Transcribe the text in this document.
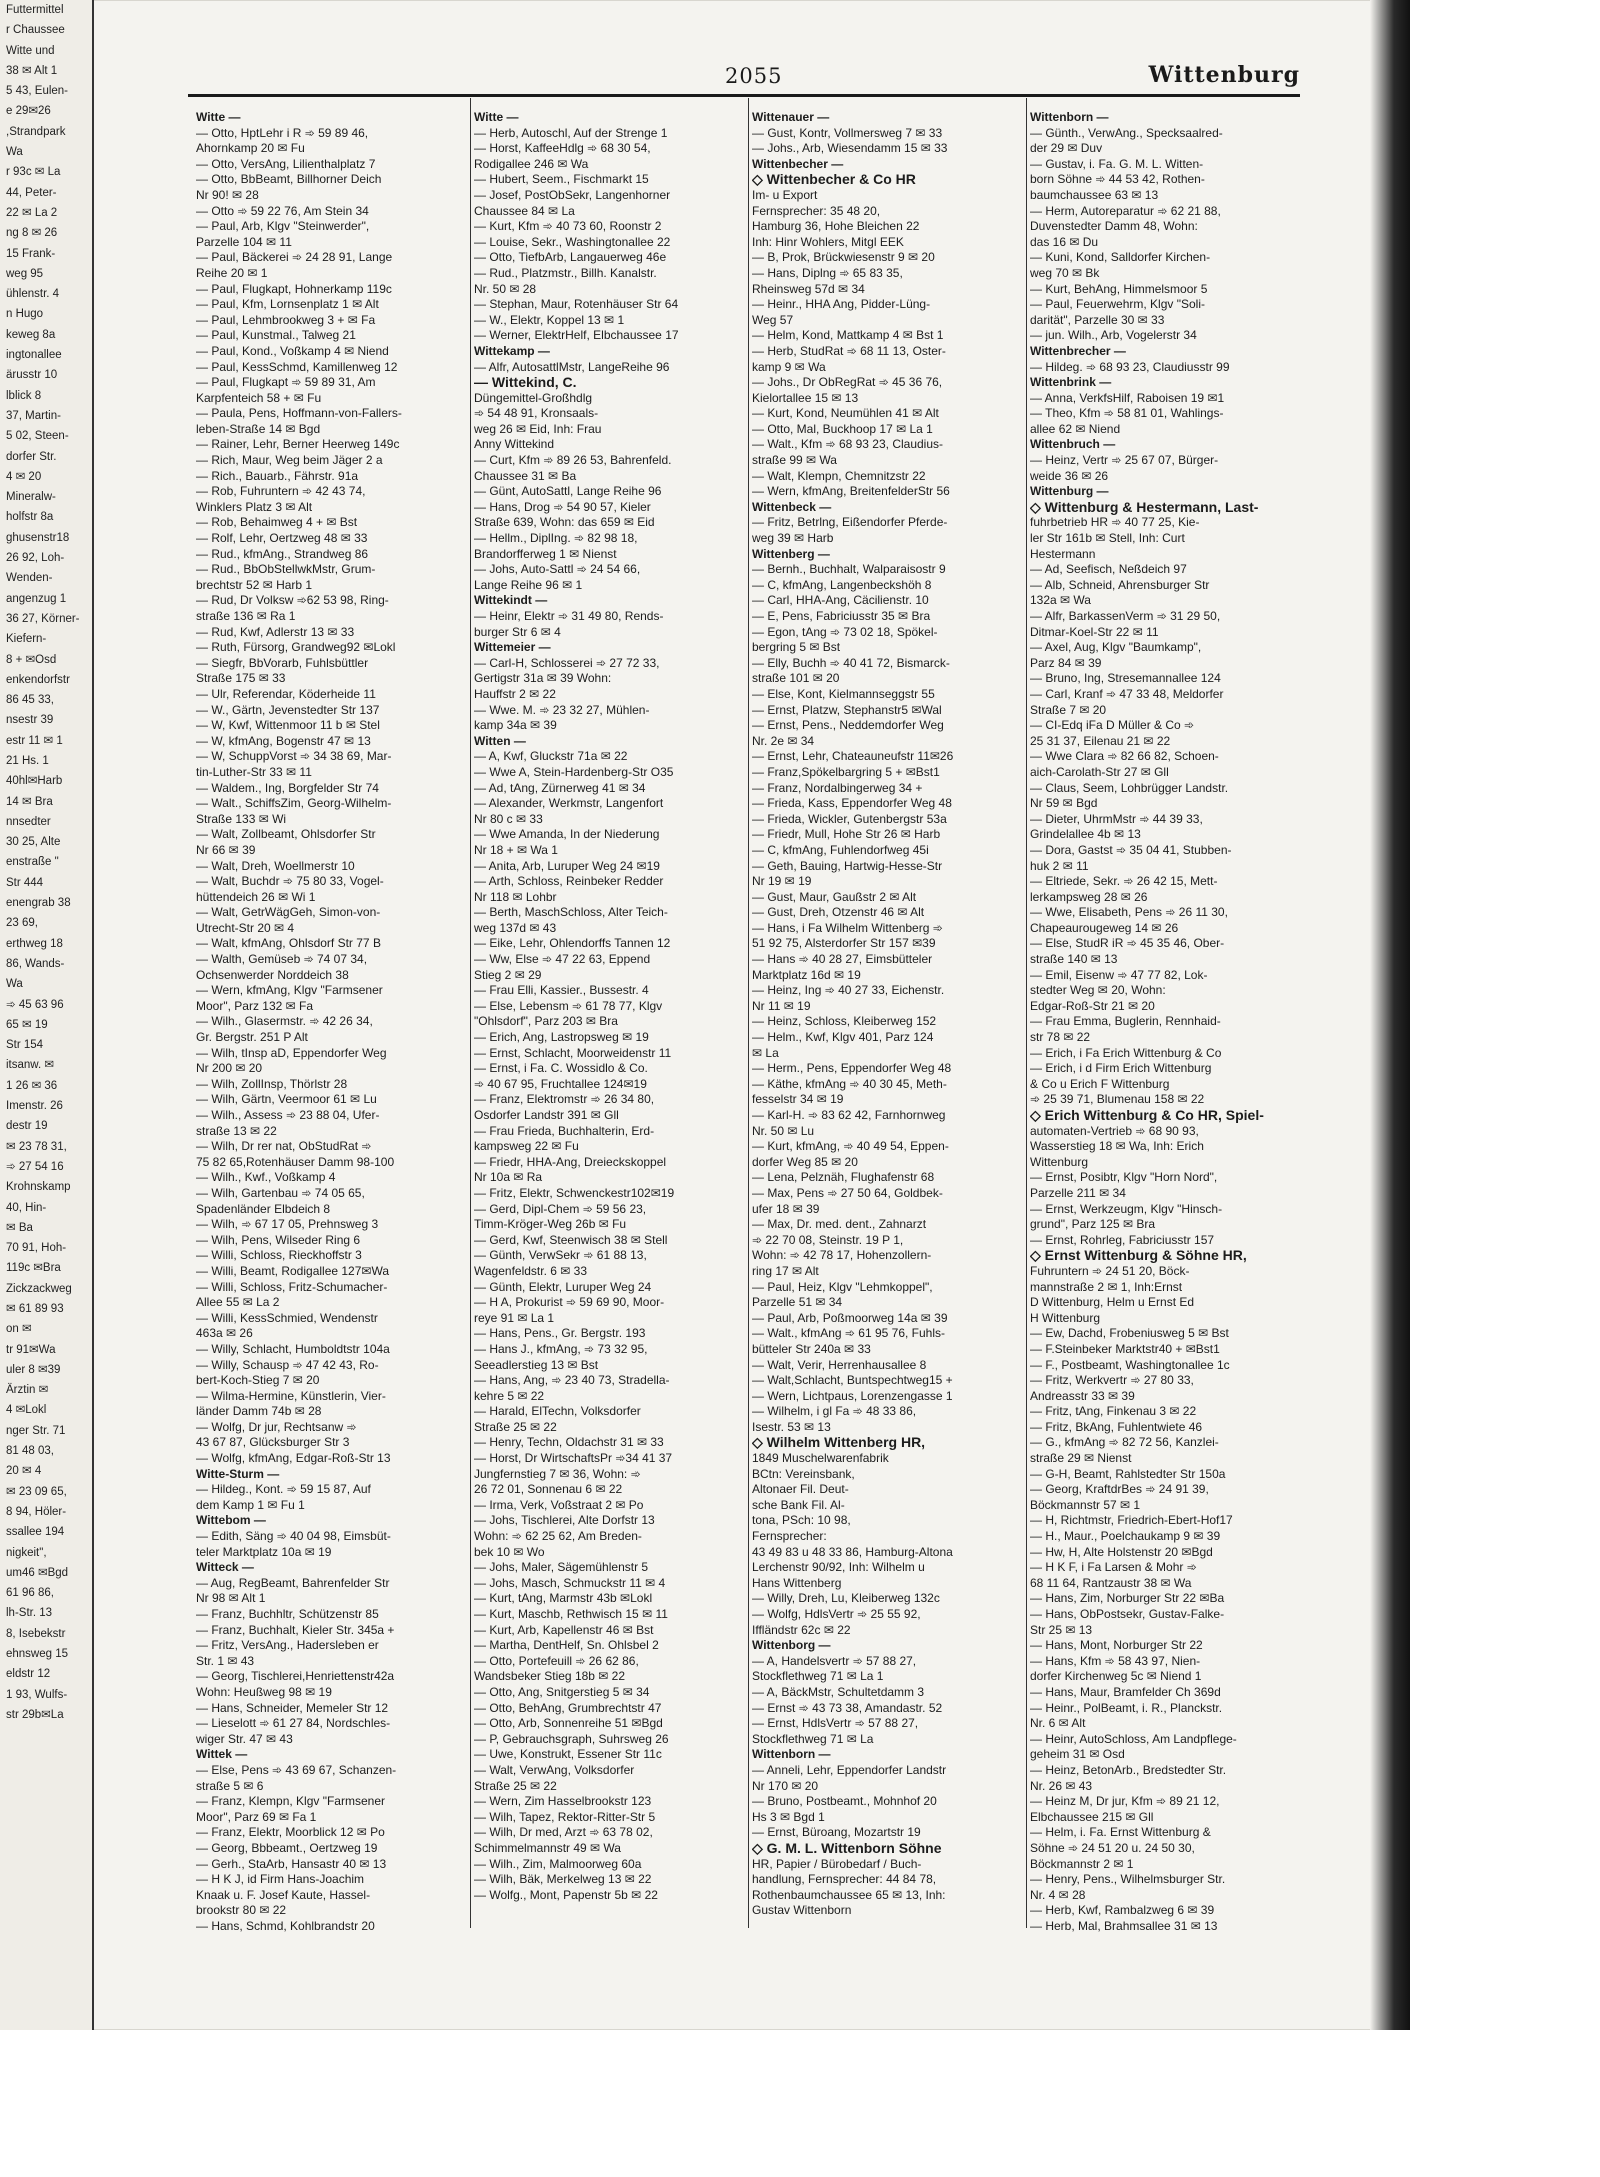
Futtermittel
r Chaussee
Witte und
38 ✉ Alt 1
5 43, Eulen-
e 29✉26
,Strandpark
Wa
r 93c ✉ La
44, Peter-
22 ✉ La 2
ng 8 ✉ 26
15 Frank-
weg 95
ühlenstr. 4
n Hugo
keweg 8a
ingtonallee
ärusstr 10
lblick 8
37, Martin-
5 02, Steen-
dorfer Str.
4 ✉ 20
Mineralw-
holfstr 8a
ghusenstr18
26 92, Loh-
Wenden-
angenzug 1
36 27, Körner-
Kiefern-
8 + ✉Osd
enkendorfstr
86 45 33,
nsestr 39
estr 11 ✉ 1
21 Hs. 1
40hl✉Harb
14 ✉ Bra
nnsedter
30 25, Alte
enstraße "
Str 444
enengrab 38
23 69,
erthweg 18
86, Wands-
Wa
➾ 45 63 96
65 ✉ 19
Str 154
itsanw. ✉
1 26 ✉ 36
Imenstr. 26
destr 19
✉ 23 78 31,
➾ 27 54 16
Krohnskamp
40, Hin-
✉ Ba
70 91, Hoh-
119c ✉Bra
Zickzackweg
✉ 61 89 93
on ✉
tr 91✉Wa
uler 8 ✉39
Ärztin ✉
4 ✉Lokl
nger Str. 71
81 48 03,
20 ✉ 4
✉ 23 09 65,
8 94, Höler-
ssallee 194
nigkeit",
um46 ✉Bgd
61 96 86,
lh-Str. 13
8, Isebekstr
ehnsweg 15
eldstr 12
1 93, Wulfs-
str 29b✉La
2055	Wittenburg
Witte —
— Otto, HptLehr i R ➾ 59 89 46,
Ahornkamp 20 ✉ Fu
— Otto, VersAng, Lilienthalplatz 7
— Otto, BbBeamt, Billhorner Deich
Nr 90! ✉ 28
— Otto ➾ 59 22 76, Am Stein 34
— Paul, Arb, Klgv "Steinwerder",
Parzelle 104 ✉ 11
— Paul, Bäckerei ➾ 24 28 91, Lange
Reihe 20 ✉ 1
— Paul, Flugkapt, Hohnerkamp 119c
— Paul, Kfm, Lornsenplatz 1 ✉ Alt
— Paul, Lehmbrookweg 3 + ✉ Fa
— Paul, Kunstmal., Talweg 21
— Paul, Kond., Voßkamp 4 ✉ Niend
— Paul, KessSchmd, Kamillenweg 12
— Paul, Flugkapt ➾ 59 89 31, Am
Karpfenteich 58 + ✉ Fu
— Paula, Pens, Hoffmann-von-Fallers-
leben-Straße 14 ✉ Bgd
— Rainer, Lehr, Berner Heerweg 149c
— Rich, Maur, Weg beim Jäger 2 a
— Rich., Bauarb., Fährstr. 91a
— Rob, Fuhruntern ➾ 42 43 74,
Winklers Platz 3 ✉ Alt
— Rob, Behaimweg 4 + ✉ Bst
— Rolf, Lehr, Oertzweg 48 ✉ 33
— Rud., kfmAng., Strandweg 86
— Rud., BbObStellwkMstr, Grum-
brechtstr 52 ✉ Harb 1
— Rud, Dr Volksw ➾62 53 98, Ring-
straße 136 ✉ Ra 1
— Rud, Kwf, Adlerstr 13 ✉ 33
— Ruth, Fürsorg, Grandweg92 ✉Lokl
— Siegfr, BbVorarb, Fuhlsbüttler
Straße 175 ✉ 33
— Ulr, Referendar, Köderheide 11
— W., Gärtn, Jevenstedter Str 137
— W, Kwf, Wittenmoor 11 b ✉ Stel
— W, kfmAng, Bogenstr 47 ✉ 13
— W, SchuppVorst ➾ 34 38 69, Mar-
tin-Luther-Str 33 ✉ 11
— Waldem., Ing, Borgfelder Str 74
— Walt., SchiffsZim, Georg-Wilhelm-
Straße 133 ✉ Wi
— Walt, Zollbeamt, Ohlsdorfer Str
Nr 66 ✉ 39
— Walt, Dreh, Woellmerstr 10
— Walt, Buchdr ➾ 75 80 33, Vogel-
hüttendeich 26 ✉ Wi 1
— Walt, GetrWägGeh, Simon-von-
Utrecht-Str 20 ✉ 4
— Walt, kfmAng, Ohlsdorf Str 77 B
— Walth, Gemüseb ➾ 74 07 34,
Ochsenwerder Norddeich 38
— Wern, kfmAng, Klgv "Farmsener
Moor", Parz 132 ✉ Fa
— Wilh., Glasermstr. ➾ 42 26 34,
Gr. Bergstr. 251 P Alt
— Wilh, tInsp aD, Eppendorfer Weg
Nr 200 ✉ 20
— Wilh, ZollInsp, Thörlstr 28
— Wilh, Gärtn, Veermoor 61 ✉ Lu
— Wilh., Assess ➾ 23 88 04, Ufer-
straße 13 ✉ 22
— Wilh, Dr rer nat, ObStudRat ➾
75 82 65,Rotenhäuser Damm 98-100
— Wilh., Kwf., Voßkamp 4
— Wilh, Gartenbau ➾ 74 05 65,
Spadenländer Elbdeich 8
— Wilh, ➾ 67 17 05, Prehnsweg 3
— Wilh, Pens, Wilseder Ring 6
— Willi, Schloss, Rieckhoffstr 3
— Willi, Beamt, Rodigallee 127✉Wa
— Willi, Schloss, Fritz-Schumacher-
Allee 55 ✉ La 2
— Willi, KessSchmied, Wendenstr
463a ✉ 26
— Willy, Schlacht, Humboldtstr 104a
— Willy, Schausp ➾ 47 42 43, Ro-
bert-Koch-Stieg 7 ✉ 20
— Wilma-Hermine, Künstlerin, Vier-
länder Damm 74b ✉ 28
— Wolfg, Dr jur, Rechtsanw ➾
43 67 87, Glücksburger Str 3
— Wolfg, kfmAng, Edgar-Roß-Str 13
Witte-Sturm —
— Hildeg., Kont. ➾ 59 15 87, Auf
dem Kamp 1 ✉ Fu 1
Wittebom —
— Edith, Säng ➾ 40 04 98, Eimsbüt-
teler Marktplatz 10a ✉ 19
Witteck —
— Aug, RegBeamt, Bahrenfelder Str
Nr 98 ✉ Alt 1
— Franz, Buchhltr, Schützenstr 85
— Franz, Buchhalt, Kieler Str. 345a +
— Fritz, VersAng., Hadersleben er
Str. 1 ✉ 43
— Georg, Tischlerei,Henriettenstr42a
Wohn: Heußweg 98 ✉ 19
— Hans, Schneider, Memeler Str 12
— Lieselott ➾ 61 27 84, Nordschles-
wiger Str. 47 ✉ 43
Wittek —
— Else, Pens ➾ 43 69 67, Schanzen-
straße 5 ✉ 6
— Franz, Klempn, Klgv "Farmsener
Moor", Parz 69 ✉ Fa 1
— Franz, Elektr, Moorblick 12 ✉ Po
— Georg, Bbbeamt., Oertzweg 19
— Gerh., StaArb, Hansastr 40 ✉ 13
— H K J, id Firm Hans-Joachim
Knaak u. F. Josef Kaute, Hassel-
brookstr 80 ✉ 22
— Hans, Schmd, Kohlbrandstr 20
Witte —
— Herb, Autoschl, Auf der Strenge 1
— Horst, KaffeeHdlg ➾ 68 30 54,
Rodigallee 246 ✉ Wa
— Hubert, Seem., Fischmarkt 15
— Josef, PostObSekr, Langenhorner
Chaussee 84 ✉ La
— Kurt, Kfm ➾ 40 73 60, Roonstr 2
— Louise, Sekr., Washingtonallee 22
— Otto, TiefbArb, Langauerweg 46e
— Rud., Platzmstr., Billh. Kanalstr.
Nr. 50 ✉ 28
— Stephan, Maur, Rotenhäuser Str 64
— W., Elektr, Koppel 13 ✉ 1
— Werner, ElektrHelf, Elbchaussee 17
Wittekamp —
— Alfr, AutosattlMstr, LangeReihe 96
— Wittekind, C.
Düngemittel-Großhdlg
➾ 54 48 91, Kronsaals-
weg 26 ✉ Eid, Inh: Frau
Anny Wittekind
— Curt, Kfm ➾ 89 26 53, Bahrenfeld.
Chaussee 31 ✉ Ba
— Günt, AutoSattl, Lange Reihe 96
— Hans, Drog ➾ 54 90 57, Kieler
Straße 639, Wohn: das 659 ✉ Eid
— Hellm., DiplIng. ➾ 82 98 18,
Brandorfferweg 1 ✉ Nienst
— Johs, Auto-Sattl ➾ 24 54 66,
Lange Reihe 96 ✉ 1
Wittekindt —
— Heinr, Elektr ➾ 31 49 80, Rends-
burger Str 6 ✉ 4
Wittemeier —
— Carl-H, Schlosserei ➾ 27 72 33,
Gertigstr 31a ✉ 39 Wohn:
Hauffstr 2 ✉ 22
— Wwe. M. ➾ 23 32 27, Mühlen-
kamp 34a ✉ 39
Witten —
— A, Kwf, Gluckstr 71a ✉ 22
— Wwe A, Stein-Hardenberg-Str O35
— Ad, tAng, Zürnerweg 41 ✉ 34
— Alexander, Werkmstr, Langenfort
Nr 80 c ✉ 33
— Wwe Amanda, In der Niederung
Nr 18 + ✉ Wa 1
— Anita, Arb, Luruper Weg 24 ✉19
— Arth, Schloss, Reinbeker Redder
Nr 118 ✉ Lohbr
— Berth, MaschSchloss, Alter Teich-
weg 137d ✉ 43
— Eike, Lehr, Ohlendorffs Tannen 12
— Ww, Else ➾ 47 22 63, Eppend
Stieg 2 ✉ 29
— Frau Elli, Kassier., Bussestr. 4
— Else, Lebensm ➾ 61 78 77, Klgv
"Ohlsdorf", Parz 203 ✉ Bra
— Erich, Ang, Lastropsweg ✉ 19
— Ernst, Schlacht, Moorweidenstr 11
— Ernst, i Fa. C. Wossidlo & Co.
➾ 40 67 95, Fruchtallee 124✉19
— Franz, Elektromstr ➾ 26 34 80,
Osdorfer Landstr 391 ✉ Gll
— Frau Frieda, Buchhalterin, Erd-
kampsweg 22 ✉ Fu
— Friedr, HHA-Ang, Dreieckskoppel
Nr 10a ✉ Ra
— Fritz, Elektr, Schwenckestr102✉19
— Gerd, Dipl-Chem ➾ 59 56 23,
Timm-Kröger-Weg 26b ✉ Fu
— Gerd, Kwf, Steenwisch 38 ✉ Stell
— Günth, VerwSekr ➾ 61 88 13,
Wagenfeldstr. 6 ✉ 33
— Günth, Elektr, Luruper Weg 24
— H A, Prokurist ➾ 59 69 90, Moor-
reye 91 ✉ La 1
— Hans, Pens., Gr. Bergstr. 193
— Hans J., kfmAng, ➾ 73 32 95,
Seeadlerstieg 13 ✉ Bst
— Hans, Ang, ➾ 23 40 73, Stradella-
kehre 5 ✉ 22
— Harald, ElTechn, Volksdorfer
Straße 25 ✉ 22
— Henry, Techn, Oldachstr 31 ✉ 33
— Horst, Dr WirtschaftsPr ➾34 41 37
Jungfernstieg 7 ✉ 36, Wohn: ➾
26 72 01, Sonnenau 6 ✉ 22
— Irma, Verk, Voßstraat 2 ✉ Po
— Johs, Tischlerei, Alte Dorfstr 13
Wohn: ➾ 62 25 62, Am Breden-
bek 10 ✉ Wo
— Johs, Maler, Sägemühlenstr 5
— Johs, Masch, Schmuckstr 11 ✉ 4
— Kurt, tAng, Marmstr 43b ✉Lokl
— Kurt, Maschb, Rethwisch 15 ✉ 11
— Kurt, Arb, Kapellenstr 46 ✉ Bst
— Martha, DentHelf, Sn. Ohlsbel 2
— Otto, Portefeuill ➾ 26 62 86,
Wandsbeker Stieg 18b ✉ 22
— Otto, Ang, Snitgerstieg 5 ✉ 34
— Otto, BehAng, Grumbrechtstr 47
— Otto, Arb, Sonnenreihe 51 ✉Bgd
— P, Gebrauchsgraph, Suhrsweg 26
— Uwe, Konstrukt, Essener Str 11c
— Walt, VerwAng, Volksdorfer
Straße 25 ✉ 22
— Wern, Zim Hasselbrookstr 123
— Wilh, Tapez, Rektor-Ritter-Str 5
— Wilh, Dr med, Arzt ➾ 63 78 02,
Schimmelmannstr 49 ✉ Wa
— Wilh., Zim, Malmoorweg 60a
— Wilh, Bäk, Merkelweg 13 ✉ 22
— Wolfg., Mont, Papenstr 5b ✉ 22
Wittenauer —
— Gust, Kontr, Vollmersweg 7 ✉ 33
— Johs., Arb, Wiesendamm 15 ✉ 33
Wittenbecher —
◇ Wittenbecher & Co HR
Im- u Export
Fernsprecher: 35 48 20,
Hamburg 36, Hohe Bleichen 22
Inh: Hinr Wohlers, Mitgl EEK
— B, Prok, Brückwiesenstr 9 ✉ 20
— Hans, Diplng ➾ 65 83 35,
Rheinsweg 57d ✉ 34
— Heinr., HHA Ang, Pidder-Lüng-
Weg 57
— Helm, Kond, Mattkamp 4 ✉ Bst 1
— Herb, StudRat ➾ 68 11 13, Oster-
kamp 9 ✉ Wa
— Johs., Dr ObRegRat ➾ 45 36 76,
Kielortallee 15 ✉ 13
— Kurt, Kond, Neumühlen 41 ✉ Alt
— Otto, Mal, Buckhoop 17 ✉ La 1
— Walt., Kfm ➾ 68 93 23, Claudius-
straße 99 ✉ Wa
— Walt, Klempn, Chemnitzstr 22
— Wern, kfmAng, BreitenfelderStr 56
Wittenbeck —
— Fritz, Betrlng, Eißendorfer Pferde-
weg 39 ✉ Harb
Wittenberg —
— Bernh., Buchhalt, Walparaisostr 9
— C, kfmAng, Langenbeckshöh 8
— Carl, HHA-Ang, Cäcilienstr. 10
— E, Pens, Fabriciusstr 35 ✉ Bra
— Egon, tAng ➾ 73 02 18, Spökel-
bergring 5 ✉ Bst
— Elly, Buchh ➾ 40 41 72, Bismarck-
straße 101 ✉ 20
— Else, Kont, Kielmannseggstr 55
— Ernst, Platzw, Stephanstr5 ✉Wal
— Ernst, Pens., Neddemdorfer Weg
Nr. 2e ✉ 34
— Ernst, Lehr, Chateauneufstr 11✉26
— Franz,Spökelbargring 5 + ✉Bst1
— Franz, Nordalbingerweg 34 +
— Frieda, Kass, Eppendorfer Weg 48
— Frieda, Wickler, Gutenbergstr 53a
— Friedr, Mull, Hohe Str 26 ✉ Harb
— C, kfmAng, Fuhlendorfweg 45i
— Geth, Bauing, Hartwig-Hesse-Str
Nr 19 ✉ 19
— Gust, Maur, Gaußstr 2 ✉ Alt
— Gust, Dreh, Otzenstr 46 ✉ Alt
— Hans, i Fa Wilhelm Wittenberg ➾
51 92 75, Alsterdorfer Str 157 ✉39
— Hans ➾ 40 28 27, Eimsbütteler
Marktplatz 16d ✉ 19
— Heinz, Ing ➾ 40 27 33, Eichenstr.
Nr 11 ✉ 19
— Heinz, Schloss, Kleiberweg 152
— Helm., Kwf, Klgv 401, Parz 124
✉ La
— Herm., Pens, Eppendorfer Weg 48
— Käthe, kfmAng ➾ 40 30 45, Meth-
fesselstr 34 ✉ 19
— Karl-H. ➾ 83 62 42, Farnhornweg
Nr. 50 ✉ Lu
— Kurt, kfmAng, ➾ 40 49 54, Eppen-
dorfer Weg 85 ✉ 20
— Lena, Pelznäh, Flughafenstr 68
— Max, Pens ➾ 27 50 64, Goldbek-
ufer 18 ✉ 39
— Max, Dr. med. dent., Zahnarzt
➾ 22 70 08, Steinstr. 19 P 1,
Wohn: ➾ 42 78 17, Hohenzollern-
ring 17 ✉ Alt
— Paul, Heiz, Klgv "Lehmkoppel",
Parzelle 51 ✉ 34
— Paul, Arb, Poßmoorweg 14a ✉ 39
— Walt., kfmAng ➾ 61 95 76, Fuhls-
bütteler Str 240a ✉ 33
— Walt, Verir, Herrenhausallee 8
— Walt,Schlacht, Buntspechtweg15 +
— Wern, Lichtpaus, Lorenzengasse 1
— Wilhelm, i gl Fa ➾ 48 33 86,
Isestr. 53 ✉ 13
◇ Wilhelm Wittenberg HR,
1849 Muschelwarenfabrik
BCtn: Vereinsbank,
Altonaer Fil. Deut-
sche Bank Fil. Al-
tona, PSch: 10 98,
Fernsprecher:
43 49 83 u 48 33 86, Hamburg-Altona
Lerchenstr 90/92, Inh: Wilhelm u
Hans Wittenberg
— Willy, Dreh, Lu, Kleiberweg 132c
— Wolfg, HdlsVertr ➾ 25 55 92,
Iffländstr 62c ✉ 22
Wittenborg —
— A, Handelsvertr ➾ 57 88 27,
Stockflethweg 71 ✉ La 1
— A, BäckMstr, Schultetdamm 3
— Ernst ➾ 43 73 38, Amandastr. 52
— Ernst, HdlsVertr ➾ 57 88 27,
Stockflethweg 71 ✉ La
Wittenborn —
— Anneli, Lehr, Eppendorfer Landstr
Nr 170 ✉ 20
— Bruno, Postbeamt., Mohnhof 20
Hs 3 ✉ Bgd 1
— Ernst, Büroang, Mozartstr 19
◇ G. M. L. Wittenborn Söhne
HR, Papier / Bürobedarf / Buch-
handlung, Fernsprecher: 44 84 78,
Rothenbaumchaussee 65 ✉ 13, Inh:
Gustav Wittenborn
Wittenborn —
— Günth., VerwAng., Specksaalred-
der 29 ✉ Duv
— Gustav, i. Fa. G. M. L. Witten-
born Söhne ➾ 44 53 42, Rothen-
baumchaussee 63 ✉ 13
— Herm, Autoreparatur ➾ 62 21 88,
Duvenstedter Damm 48, Wohn:
das 16 ✉ Du
— Kuni, Kond, Salldorfer Kirchen-
weg 70 ✉ Bk
— Kurt, BehAng, Himmelsmoor 5
— Paul, Feuerwehrm, Klgv "Soli-
darität", Parzelle 30 ✉ 33
— jun. Wilh., Arb, Vogelerstr 34
Wittenbrecher —
— Hildeg. ➾ 68 93 23, Claudiusstr 99
Wittenbrink —
— Anna, VerkfsHilf, Raboisen 19 ✉1
— Theo, Kfm ➾ 58 81 01, Wahlings-
allee 62 ✉ Niend
Wittenbruch —
— Heinz, Vertr ➾ 25 67 07, Bürger-
weide 36 ✉ 26
Wittenburg —
◇ Wittenburg & Hestermann, Last-
fuhrbetrieb HR ➾ 40 77 25, Kie-
ler Str 161b ✉ Stell, Inh: Curt
Hestermann
— Ad, Seefisch, Neßdeich 97
— Alb, Schneid, Ahrensburger Str
132a ✉ Wa
— Alfr, BarkassenVerm ➾ 31 29 50,
Ditmar-Koel-Str 22 ✉ 11
— Axel, Aug, Klgv "Baumkamp",
Parz 84 ✉ 39
— Bruno, Ing, Stresemannallee 124
— Carl, Kranf ➾ 47 33 48, Meldorfer
Straße 7 ✉ 20
— CI-Edq iFa D Müller & Co ➾
25 31 37, Eilenau 21 ✉ 22
— Wwe Clara ➾ 82 66 82, Schoen-
aich-Carolath-Str 27 ✉ Gll
— Claus, Seem, Lohbrügger Landstr.
Nr 59 ✉ Bgd
— Dieter, UhrmMstr ➾ 44 39 33,
Grindelallee 4b ✉ 13
— Dora, Gastst ➾ 35 04 41, Stubben-
huk 2 ✉ 11
— Eltriede, Sekr. ➾ 26 42 15, Mett-
lerkampsweg 28 ✉ 26
— Wwe, Elisabeth, Pens ➾ 26 11 30,
Chapeaurougeweg 14 ✉ 26
— Else, StudR iR ➾ 45 35 46, Ober-
straße 140 ✉ 13
— Emil, Eisenw ➾ 47 77 82, Lok-
stedter Weg ✉ 20, Wohn:
Edgar-Roß-Str 21 ✉ 20
— Frau Emma, Buglerin, Rennhaid-
str 78 ✉ 22
— Erich, i Fa Erich Wittenburg & Co
— Erich, i d Firm Erich Wittenburg
& Co u Erich F Wittenburg
➾ 25 39 71, Blumenau 158 ✉ 22
◇ Erich Wittenburg & Co HR, Spiel-
automaten-Vertrieb ➾ 68 90 93,
Wasserstieg 18 ✉ Wa, Inh: Erich
Wittenburg
— Ernst, Posibtr, Klgv "Horn Nord",
Parzelle 211 ✉ 34
— Ernst, Werkzeugm, Klgv "Hinsch-
grund", Parz 125 ✉ Bra
— Ernst, Rohrleg, Fabriciusstr 157
◇ Ernst Wittenburg & Söhne HR,
Fuhruntern ➾ 24 51 20, Böck-
mannstraße 2 ✉ 1, Inh:Ernst
D Wittenburg, Helm u Ernst Ed
H Wittenburg
— Ew, Dachd, Frobeniusweg 5 ✉ Bst
— F.Steinbeker Marktstr40 + ✉Bst1
— F., Postbeamt, Washingtonallee 1c
— Fritz, Werkvertr ➾ 27 80 33,
Andreasstr 33 ✉ 39
— Fritz, tAng, Finkenau 3 ✉ 22
— Fritz, BkAng, Fuhlentwiete 46
— G., kfmAng ➾ 82 72 56, Kanzlei-
straße 29 ✉ Nienst
— G-H, Beamt, Rahlstedter Str 150a
— Georg, KraftdrBes ➾ 24 91 39,
Böckmannstr 57 ✉ 1
— H, Richtmstr, Friedrich-Ebert-Hof17
— H., Maur., Poelchaukamp 9 ✉ 39
— Hw, H, Alte Holstenstr 20 ✉Bgd
— H K F, i Fa Larsen & Mohr ➾
68 11 64, Rantzaustr 38 ✉ Wa
— Hans, Zim, Norburger Str 22 ✉Ba
— Hans, ObPostsekr, Gustav-Falke-
Str 25 ✉ 13
— Hans, Mont, Norburger Str 22
— Hans, Kfm ➾ 58 43 97, Nien-
dorfer Kirchenweg 5c ✉ Niend 1
— Hans, Maur, Bramfelder Ch 369d
— Heinr., PolBeamt, i. R., Planckstr.
Nr. 6 ✉ Alt
— Heinr, AutoSchloss, Am Landpflege-
geheim 31 ✉ Osd
— Heinz, BetonArb., Bredstedter Str.
Nr. 26 ✉ 43
— Heinz M, Dr jur, Kfm ➾ 89 21 12,
Elbchaussee 215 ✉ Gll
— Helm, i. Fa. Ernst Wittenburg &
Söhne ➾ 24 51 20 u. 24 50 30,
Böckmannstr 2 ✉ 1
— Henry, Pens., Wilhelmsburger Str.
Nr. 4 ✉ 28
— Herb, Kwf, Rambalzweg 6 ✉ 39
— Herb, Mal, Brahmsallee 31 ✉ 13
